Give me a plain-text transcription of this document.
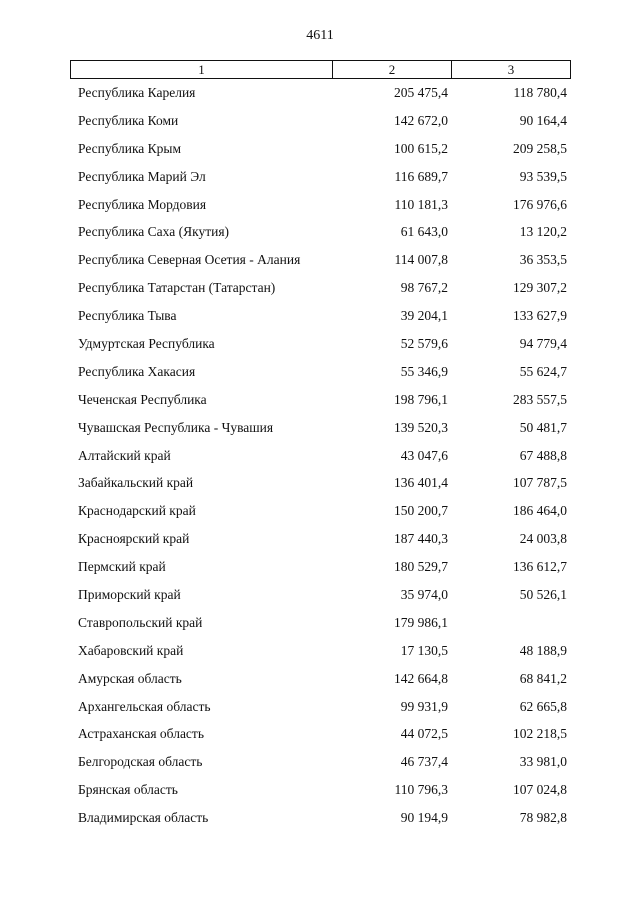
4611
1	2	3
Республика Карелия	205 475,4	118 780,4
Республика Коми	142 672,0	90 164,4
Республика Крым	100 615,2	209 258,5
Республика Марий Эл	116 689,7	93 539,5
Республика Мордовия	110 181,3	176 976,6
Республика Саха (Якутия)	61 643,0	13 120,2
Республика Северная Осетия - Алания	114 007,8	36 353,5
Республика Татарстан (Татарстан)	98 767,2	129 307,2
Республика Тыва	39 204,1	133 627,9
Удмуртская Республика	52 579,6	94 779,4
Республика Хакасия	55 346,9	55 624,7
Чеченская Республика	198 796,1	283 557,5
Чувашская Республика - Чувашия	139 520,3	50 481,7
Алтайский край	43 047,6	67 488,8
Забайкальский край	136 401,4	107 787,5
Краснодарский край	150 200,7	186 464,0
Красноярский край	187 440,3	24 003,8
Пермский край	180 529,7	136 612,7
Приморский край	35 974,0	50 526,1
Ставропольский край	179 986,1
Хабаровский край	17 130,5	48 188,9
Амурская область	142 664,8	68 841,2
Архангельская область	99 931,9	62 665,8
Астраханская область	44 072,5	102 218,5
Белгородская область	46 737,4	33 981,0
Брянская область	110 796,3	107 024,8
Владимирская область	90 194,9	78 982,8
